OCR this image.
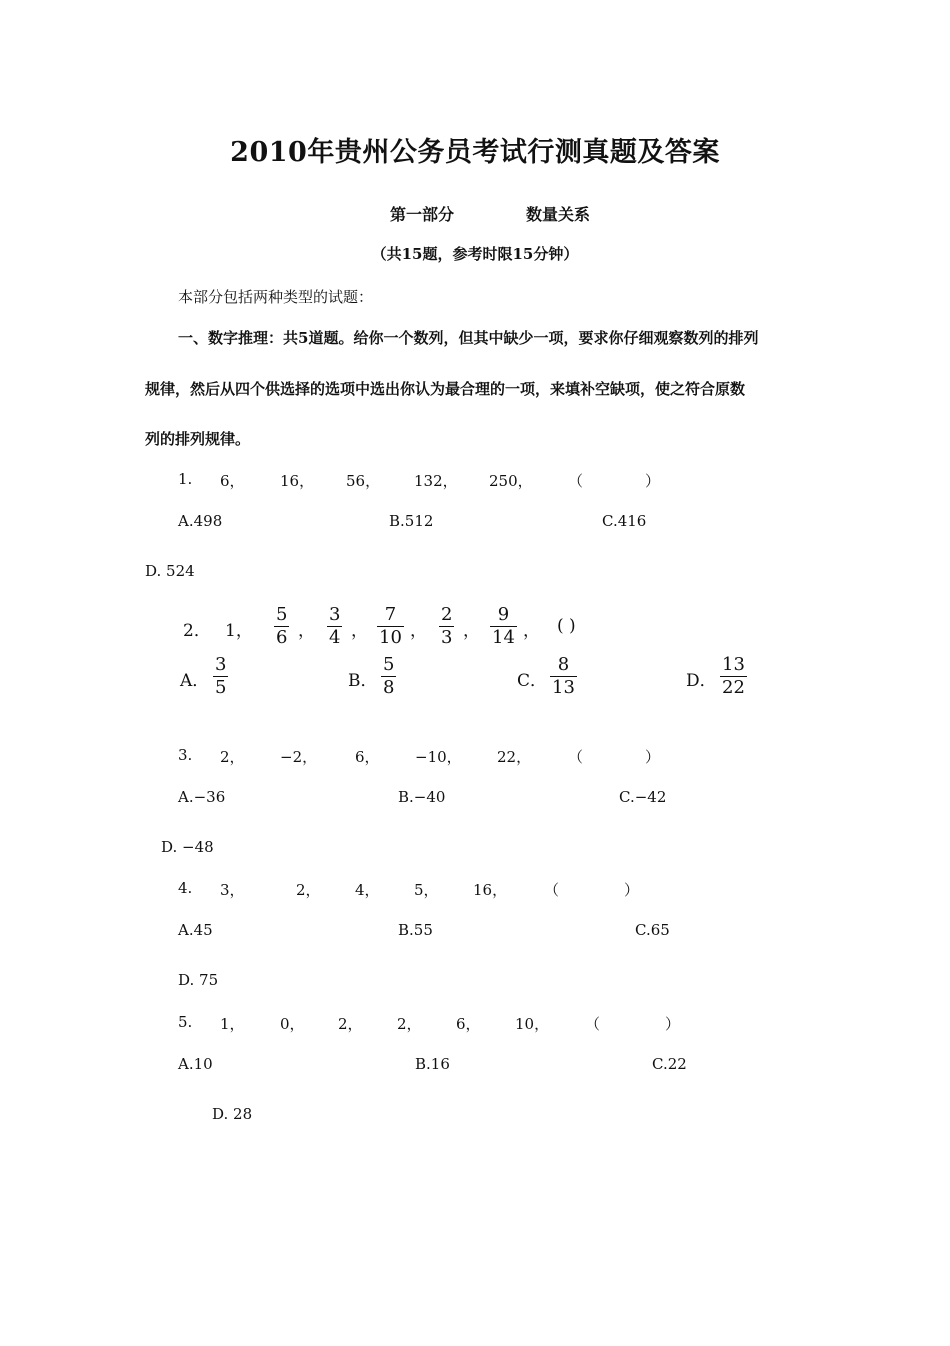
2010年贵州公务员考试行测真题及答案
第一部分	数量关系
（共15题，参考时限15分钟）
本部分包括两种类型的试题：
一、数字推理：共5道题。给你一个数列，但其中缺少一项，要求你仔细观察数列的排列
规律，然后从四个供选择的选项中选出你认为最合理的一项，来填补空缺项，使之符合原数
列的排列规律。
1. 6， 16， 56， 132， 250， （	）
A.498	B.512	C.416
D. 524
2． 1，
5
6 ，
3
4 ，
7
10 ，
2
3 ，
9
14 ， ( )
A．
3
5	B．
5
8	C．
8
13	D．
13
22
3. 2， −2，	6， −10， 22， （	）
A.−36	B.−40	C.−42
D. −48
4. 3，	2， 4， 5， 16， （	）
A.45	B.55	C.65
D. 75
5. 1， 0， 2， 2， 6， 10， （	）
A.10	B.16	C.22
D. 28
